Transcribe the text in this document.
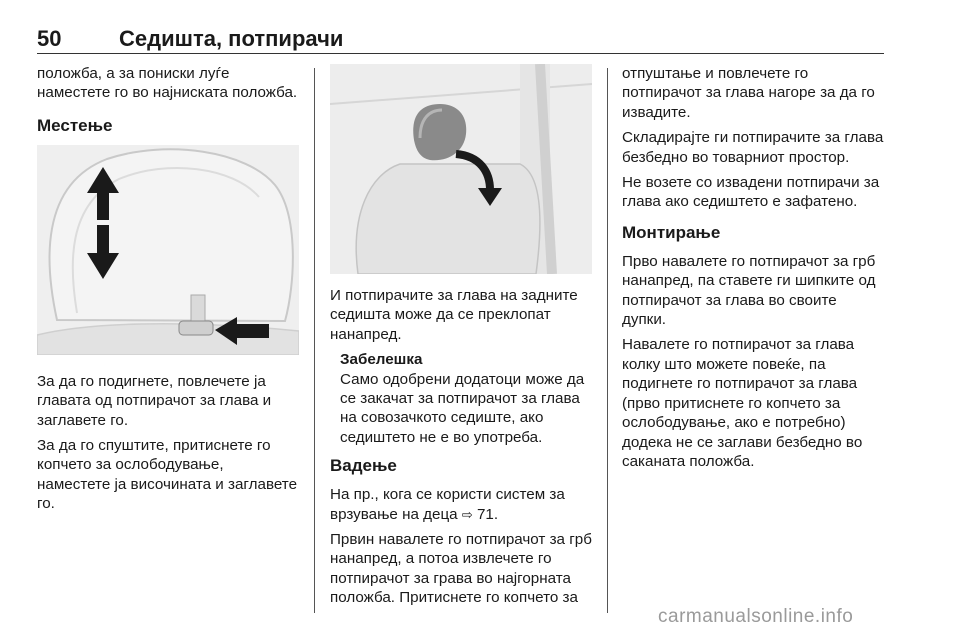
50	Седишта, потпирачи

положба, а за пониски луѓе наместете го во најниската положба.

Местење

За да го подигнете, повлечете ја главата од потпирачот за глава и заглавете го.

За да го спуштите, притиснете го копчето за ослободување, наместете ја височината и заглавете го.

И потпирачите за глава на задните седишта може да се преклопат нанапред.

Забелешка

Само одобрени додатоци може да се закачат за потпирачот за глава на совозачкото седиште, ако седиштето не е во употреба.

Вадење

На пр., кога се користи систем за врзување на деца ⇨ 71.

Првин навалете го потпирачот за грб нанапред, а потоа извлечете го потпирачот за грава во најгорната положба. Притиснете го копчето за

отпуштање и повлечете го потпирачот за глава нагоре за да го извадите.

Складирајте ги потпирачите за глава безбедно во товарниот простор.

Не возете со извадени потпирачи за глава ако седиштето е зафатено.

Монтирање

Прво навалете го потпирачот за грб нанапред, па ставете ги шипките од потпирачот за глава во своите дупки.

Навалете го потпирачот за глава колку што можете повеќе, па подигнете го потпирачот за глава (прво притиснете го копчето за ослободување, ако е потребно) додека не се заглави безбедно во саканата положба.

carmanualsonline.info
